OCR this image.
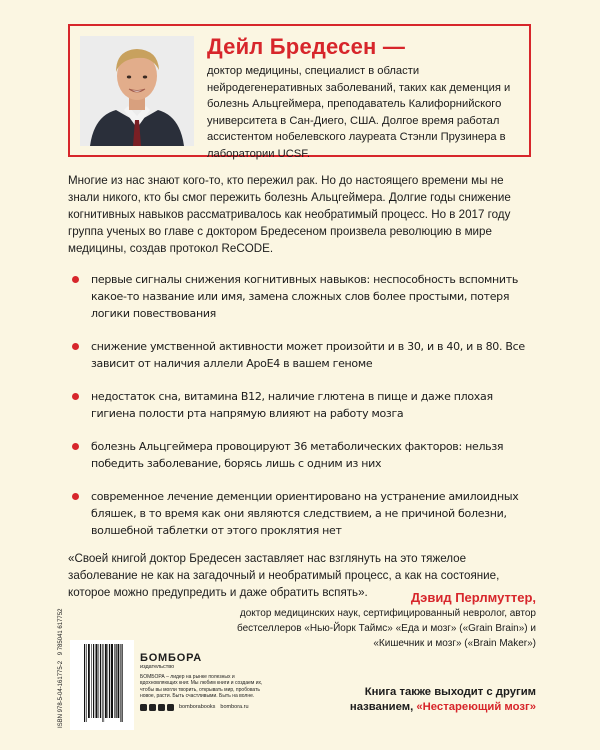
Дейл Бредесен —

доктор медицины, специалист в области нейродегенеративных заболеваний, таких как деменция и болезнь Альцгеймера, преподаватель Калифорнийского университета в Сан-Диего, США. Долгое время работал ассистентом нобелевского лауреата Стэнли Прузинера в лаборатории UCSF.

Многие из нас знают кого-то, кто пережил рак. Но до настоящего времени мы не знали никого, кто бы смог пережить болезнь Альцгеймера. Долгие годы снижение когнитивных навыков рассматривалось как необратимый процесс. Но в 2017 году группа ученых во главе с доктором Бредесеном произвела революцию в мире медицины, создав протокол ReCODE.

первые сигналы снижения когнитивных навыков: неспособность вспомнить какое-то название или имя, замена сложных слов более простыми, потеря логики повествования
снижение умственной активности может произойти и в 30, и в 40, и в 80. Все зависит от наличия аллели ApoE4 в вашем геноме
недостаток сна, витамина B12, наличие глютена в пище и даже плохая гигиена полости рта напрямую влияют на работу мозга
болезнь Альцгеймера провоцируют 36 метаболических факторов: нельзя победить заболевание, борясь лишь с одним из них
современное лечение деменции ориентировано на устранение амилоидных бляшек, в то время как они являются следствием, а не причиной болезни, волшебной таблетки от этого проклятия нет

«Своей книгой доктор Бредесен заставляет нас взглянуть на это тяжелое заболевание не как на загадочный и необратимый процесс, а как на состояние, которое можно предупредить и даже обратить вспять».	Дэвид Перлмуттер,

доктор медицинских наук, сертифицированный невролог, автор бестселлеров «Нью-Йорк Таймс» «Еда и мозг» («Grain Brain») и «Кишечник и мозг» («Brain Maker»)

ISBN 978-5-04-161775-2 9 785041 617752

БОМБОРА

издательство

БОМБОРА – лидер на рынке полезных и вдохновляющих книг. Мы любим книги и создаем их, чтобы вы могли творить, открывать мир, пробовать новое, расти. Быть счастливыми. Быть на волне.

bomborabooks bombora.ru

Книга также выходит с другим названием, «Нестареющий мозг»
